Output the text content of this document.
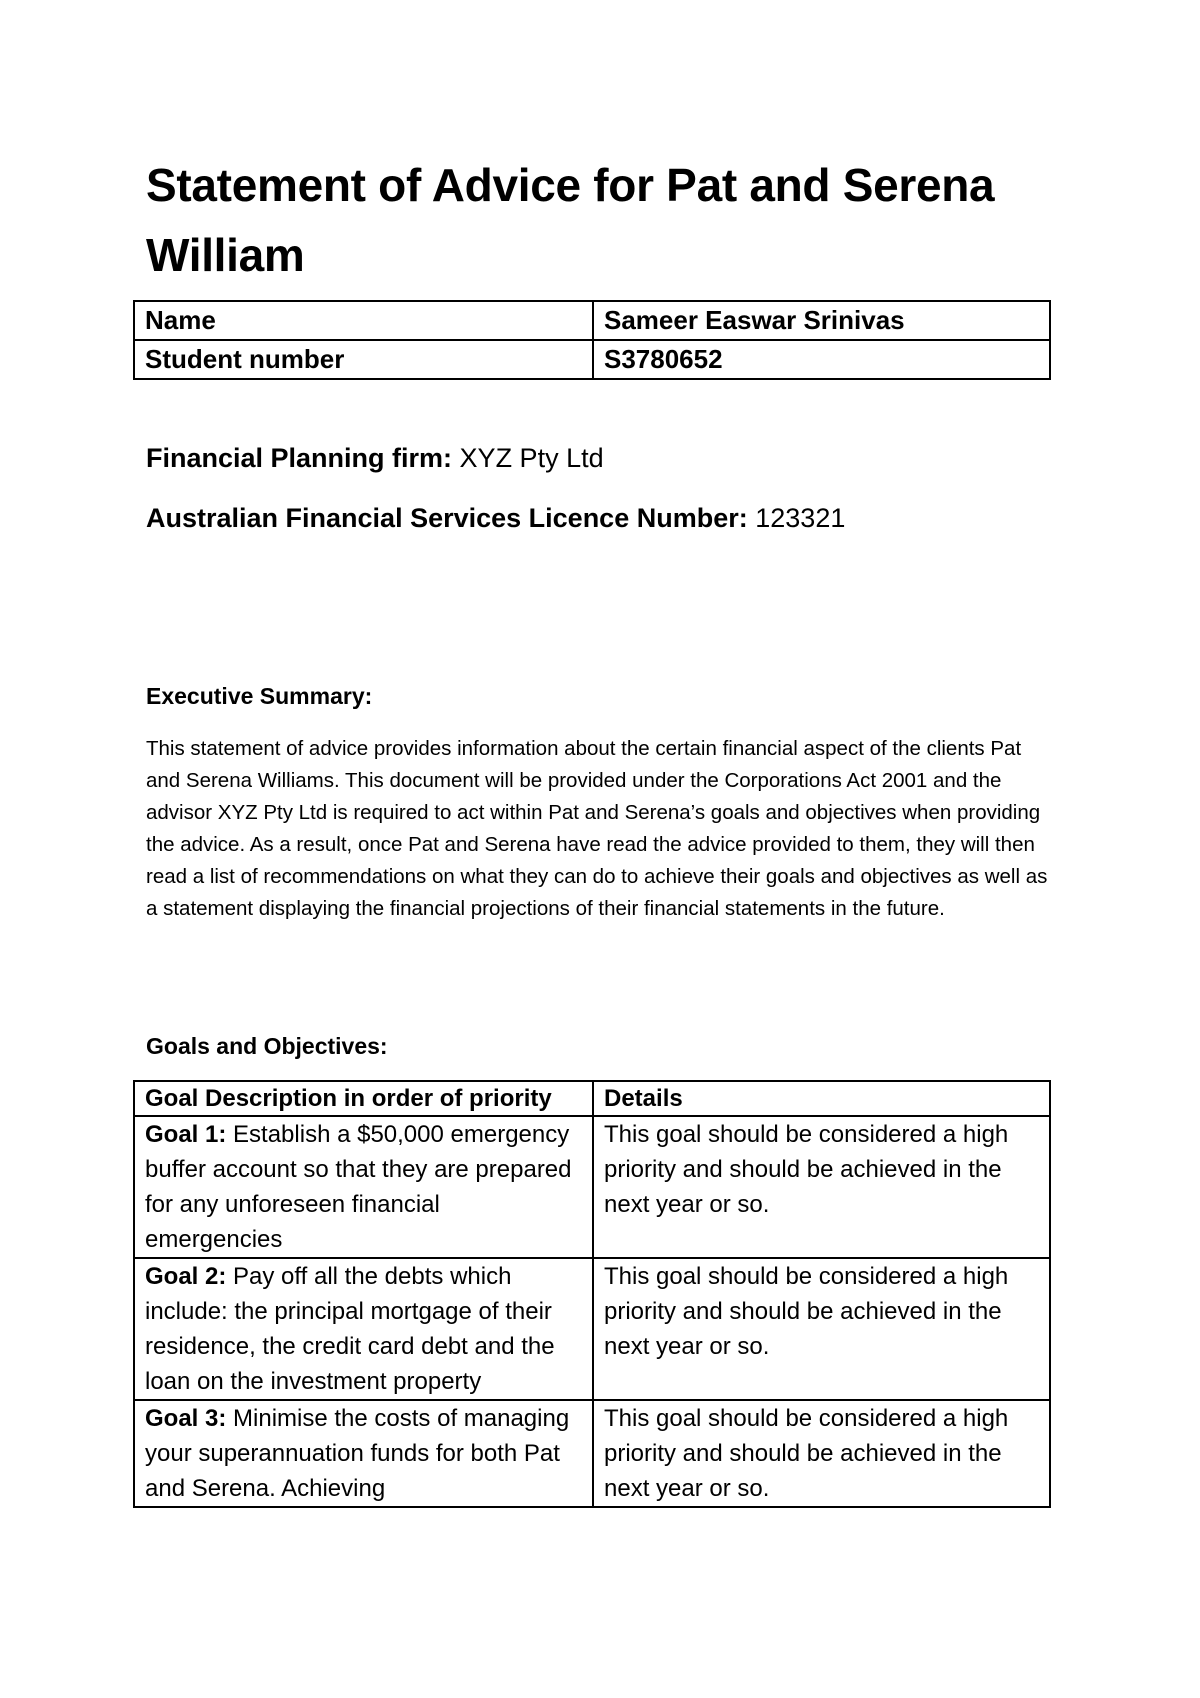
Statement of Advice for Pat and Serena William
Name	Sameer Easwar Srinivas
Student number	S3780652
Financial Planning firm: XYZ Pty Ltd
Australian Financial Services Licence Number: 123321
Executive Summary:

This statement of advice provides information about the certain financial aspect of the clients Pat and Serena Williams. This document will be provided under the Corporations Act 2001 and the advisor XYZ Pty Ltd is required to act within Pat and Serena’s goals and objectives when providing the advice. As a result, once Pat and Serena have read the advice provided to them, they will then read a list of recommendations on what they can do to achieve their goals and objectives as well as a statement displaying the financial projections of their financial statements in the future.

Goals and Objectives:
Goal Description in order of priority	Details
Goal 1: Establish a $50,000 emergency buffer account so that they are prepared for any unforeseen financial emergencies	This goal should be considered a high priority and should be achieved in the next year or so.
Goal 2: Pay off all the debts which include: the principal mortgage of their residence, the credit card debt and the loan on the investment property	This goal should be considered a high priority and should be achieved in the next year or so.
Goal 3: Minimise the costs of managing your superannuation funds for both Pat and Serena. Achieving	This goal should be considered a high priority and should be achieved in the next year or so.
